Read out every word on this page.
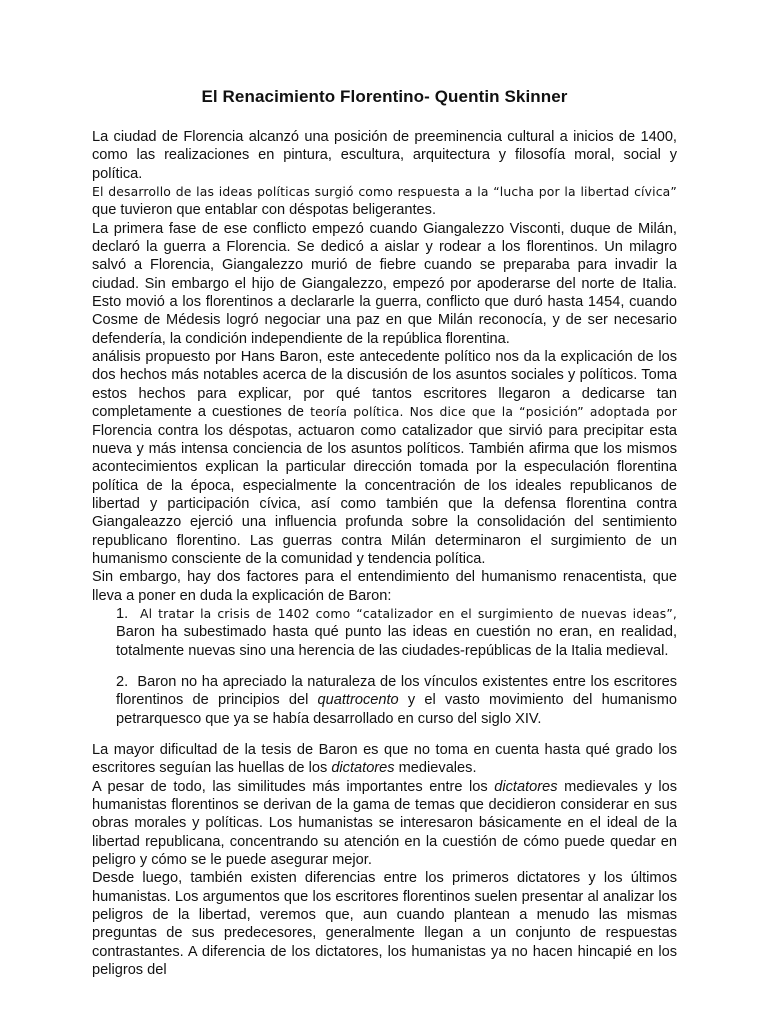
El Renacimiento Florentino- Quentin Skinner

La ciudad de Florencia alcanzó una posición de preeminencia cultural a inicios de 1400, como las realizaciones en pintura, escultura, arquitectura y filosofía moral, social y política.

El desarrollo de las ideas políticas surgió como respuesta a la “lucha por la libertad cívica” que tuvieron que entablar con déspotas beligerantes.

La primera fase de ese conflicto empezó cuando Giangalezzo Visconti, duque de Milán, declaró la guerra a Florencia. Se dedicó a aislar y rodear a los florentinos. Un milagro salvó a Florencia, Giangalezzo murió de fiebre cuando se preparaba para invadir la ciudad. Sin embargo el hijo de Giangalezzo, empezó por apoderarse del norte de Italia. Esto movió a los florentinos a declararle la guerra, conflicto que duró hasta 1454, cuando Cosme de Médesis logró negociar una paz en que Milán reconocía, y de ser necesario defendería, la condición independiente de la república florentina.

análisis propuesto por Hans Baron, este antecedente político nos da la explicación de los dos hechos más notables acerca de la discusión de los asuntos sociales y políticos. Toma estos hechos para explicar, por qué tantos escritores llegaron a dedicarse tan completamente a cuestiones de teoría política. Nos dice que la “posición” adoptada por Florencia contra los déspotas, actuaron como catalizador que sirvió para precipitar esta nueva y más intensa conciencia de los asuntos políticos. También afirma que los mismos acontecimientos explican la particular dirección tomada por la especulación florentina política de la época, especialmente la concentración de los ideales republicanos de libertad y participación cívica, así como también que la defensa florentina contra Giangaleazzo ejerció una influencia profunda sobre la consolidación del sentimiento republicano florentino. Las guerras contra Milán determinaron el surgimiento de un humanismo consciente de la comunidad y tendencia política.

Sin embargo, hay dos factores para el entendimiento del humanismo renacentista, que lleva a poner en duda la explicación de Baron:

1. Al tratar la crisis de 1402 como “catalizador en el surgimiento de nuevas ideas”, Baron ha subestimado hasta qué punto las ideas en cuestión no eran, en realidad, totalmente nuevas sino una herencia de las ciudades-repúblicas de la Italia medieval.
2. Baron no ha apreciado la naturaleza de los vínculos existentes entre los escritores florentinos de principios del quattrocento y el vasto movimiento del humanismo petrarquesco que ya se había desarrollado en curso del siglo XIV.

La mayor dificultad de la tesis de Baron es que no toma en cuenta hasta qué grado los escritores seguían las huellas de los dictatores medievales.

A pesar de todo, las similitudes más importantes entre los dictatores medievales y los humanistas florentinos se derivan de la gama de temas que decidieron considerar en sus obras morales y políticas. Los humanistas se interesaron básicamente en el ideal de la libertad republicana, concentrando su atención en la cuestión de cómo puede quedar en peligro y cómo se le puede asegurar mejor.

Desde luego, también existen diferencias entre los primeros dictatores y los últimos humanistas. Los argumentos que los escritores florentinos suelen presentar al analizar los peligros de la libertad, veremos que, aun cuando plantean a menudo las mismas preguntas de sus predecesores, generalmente llegan a un conjunto de respuestas contrastantes. A diferencia de los dictatores, los humanistas ya no hacen hincapié en los peligros del
